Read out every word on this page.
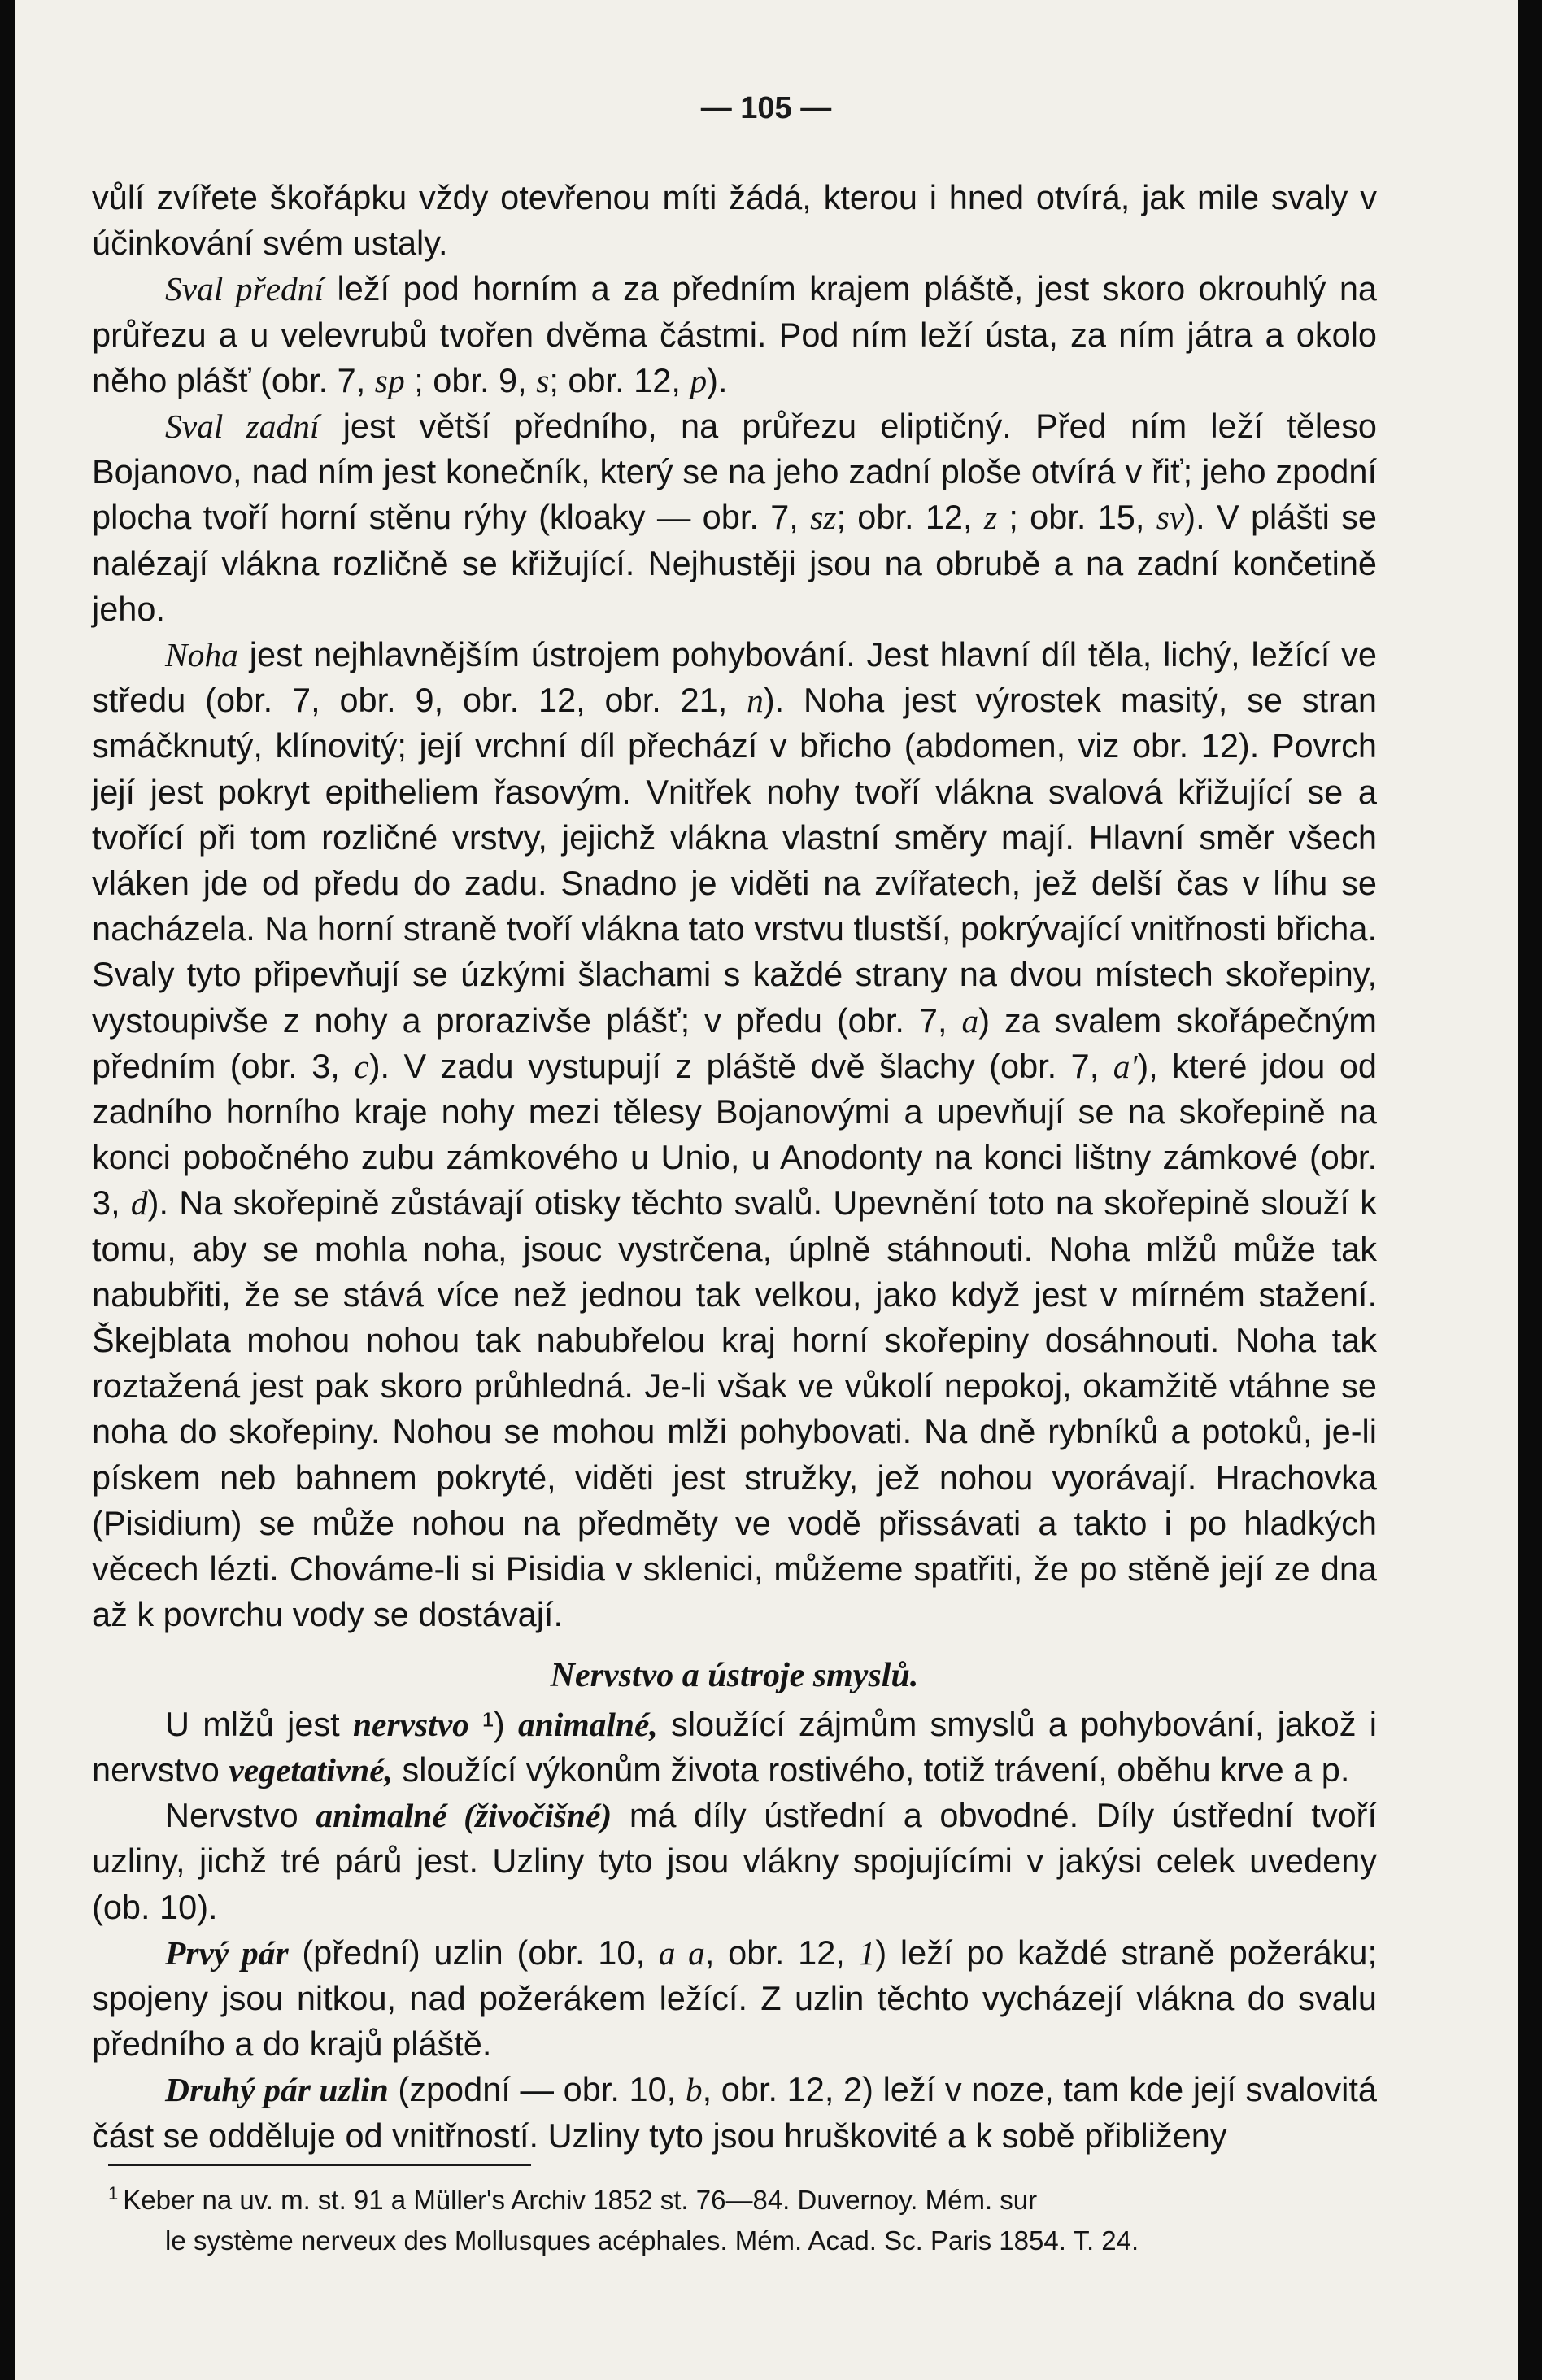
— 105 —

vůlí zvířete škořápku vždy otevřenou míti žádá, kterou i hned otvírá, jak mile svaly v účinkování svém ustaly.

Sval přední leží pod horním a za předním krajem pláště, jest skoro okrouhlý na průřezu a u velevrubů tvořen dvěma částmi. Pod ním leží ústa, za ním játra a okolo něho plášť (obr. 7, sp ; obr. 9, s; obr. 12, p).

Sval zadní jest větší předního, na průřezu eliptičný. Před ním leží těleso Bojanovo, nad ním jest konečník, který se na jeho zadní ploše otvírá v řiť; jeho zpodní plocha tvoří horní stěnu rýhy (kloaky — obr. 7, sz; obr. 12, z ; obr. 15, sv). V plášti se nalézají vlákna rozličně se křižující. Nejhustěji jsou na obrubě a na zadní končetině jeho.

Noha jest nejhlavnějším ústrojem pohybování. Jest hlavní díl těla, lichý, ležící ve středu (obr. 7, obr. 9, obr. 12, obr. 21, n). Noha jest výrostek masitý, se stran smáčknutý, klínovitý; její vrchní díl přechází v břicho (abdomen, viz obr. 12). Povrch její jest pokryt epitheliem řasovým. Vnitřek nohy tvoří vlákna svalová křižující se a tvořící při tom rozličné vrstvy, jejichž vlákna vlastní směry mají. Hlavní směr všech vláken jde od předu do zadu. Snadno je viděti na zvířatech, jež delší čas v líhu se nacházela. Na horní straně tvoří vlákna tato vrstvu tlustší, pokrývající vnitřnosti břicha. Svaly tyto připevňují se úzkými šlachami s každé strany na dvou místech skořepiny, vystoupivše z nohy a prorazivše plášť; v předu (obr. 7, a) za svalem skořápečným předním (obr. 3, c). V zadu vystupují z pláště dvě šlachy (obr. 7, a'), které jdou od zadního horního kraje nohy mezi tělesy Bojanovými a upevňují se na skořepině na konci pobočného zubu zámkového u Unio, u Anodonty na konci lištny zámkové (obr. 3, d). Na skořepině zůstávají otisky těchto svalů. Upevnění toto na skořepině slouží k tomu, aby se mohla noha, jsouc vystrčena, úplně stáhnouti. Noha mlžů může tak nabubřiti, že se stává více než jednou tak velkou, jako když jest v mírném stažení. Škejblata mohou nohou tak nabubřelou kraj horní skořepiny dosáhnouti. Noha tak roztažená jest pak skoro průhledná. Je-li však ve vůkolí nepokoj, okamžitě vtáhne se noha do skořepiny. Nohou se mohou mlži pohybovati. Na dně rybníků a potoků, je-li pískem neb bahnem pokryté, viděti jest stružky, jež nohou vyorávají. Hrachovka (Pisidium) se může nohou na předměty ve vodě přissávati a takto i po hladkých věcech lézti. Chováme-li si Pisidia v sklenici, můžeme spatřiti, že po stěně její ze dna až k povrchu vody se dostávají.

Nervstvo a ústroje smyslů.

U mlžů jest nervstvo ¹) animalné, sloužící zájmům smyslů a pohybování, jakož i nervstvo vegetativné, sloužící výkonům života rostivého, totiž trávení, oběhu krve a p.

Nervstvo animalné (živočišné) má díly ústřední a obvodné. Díly ústřední tvoří uzliny, jichž tré párů jest. Uzliny tyto jsou vlákny spojujícími v jakýsi celek uvedeny (ob. 10).

Prvý pár (přední) uzlin (obr. 10, a a, obr. 12, 1) leží po každé straně požeráku; spojeny jsou nitkou, nad požerákem ležící. Z uzlin těchto vycházejí vlákna do svalu předního a do krajů pláště.

Druhý pár uzlin (zpodní — obr. 10, b, obr. 12, 2) leží v noze, tam kde její svalovitá část se odděluje od vnitřností. Uzliny tyto jsou hruškovité a k sobě přibliženy

$^1$ Keber na uv. m. st. 91 a Müller's Archiv 1852 st. 76—84. Duvernoy. Mém. sur
le système nerveux des Mollusques acéphales. Mém. Acad. Sc. Paris 1854. T. 24.
